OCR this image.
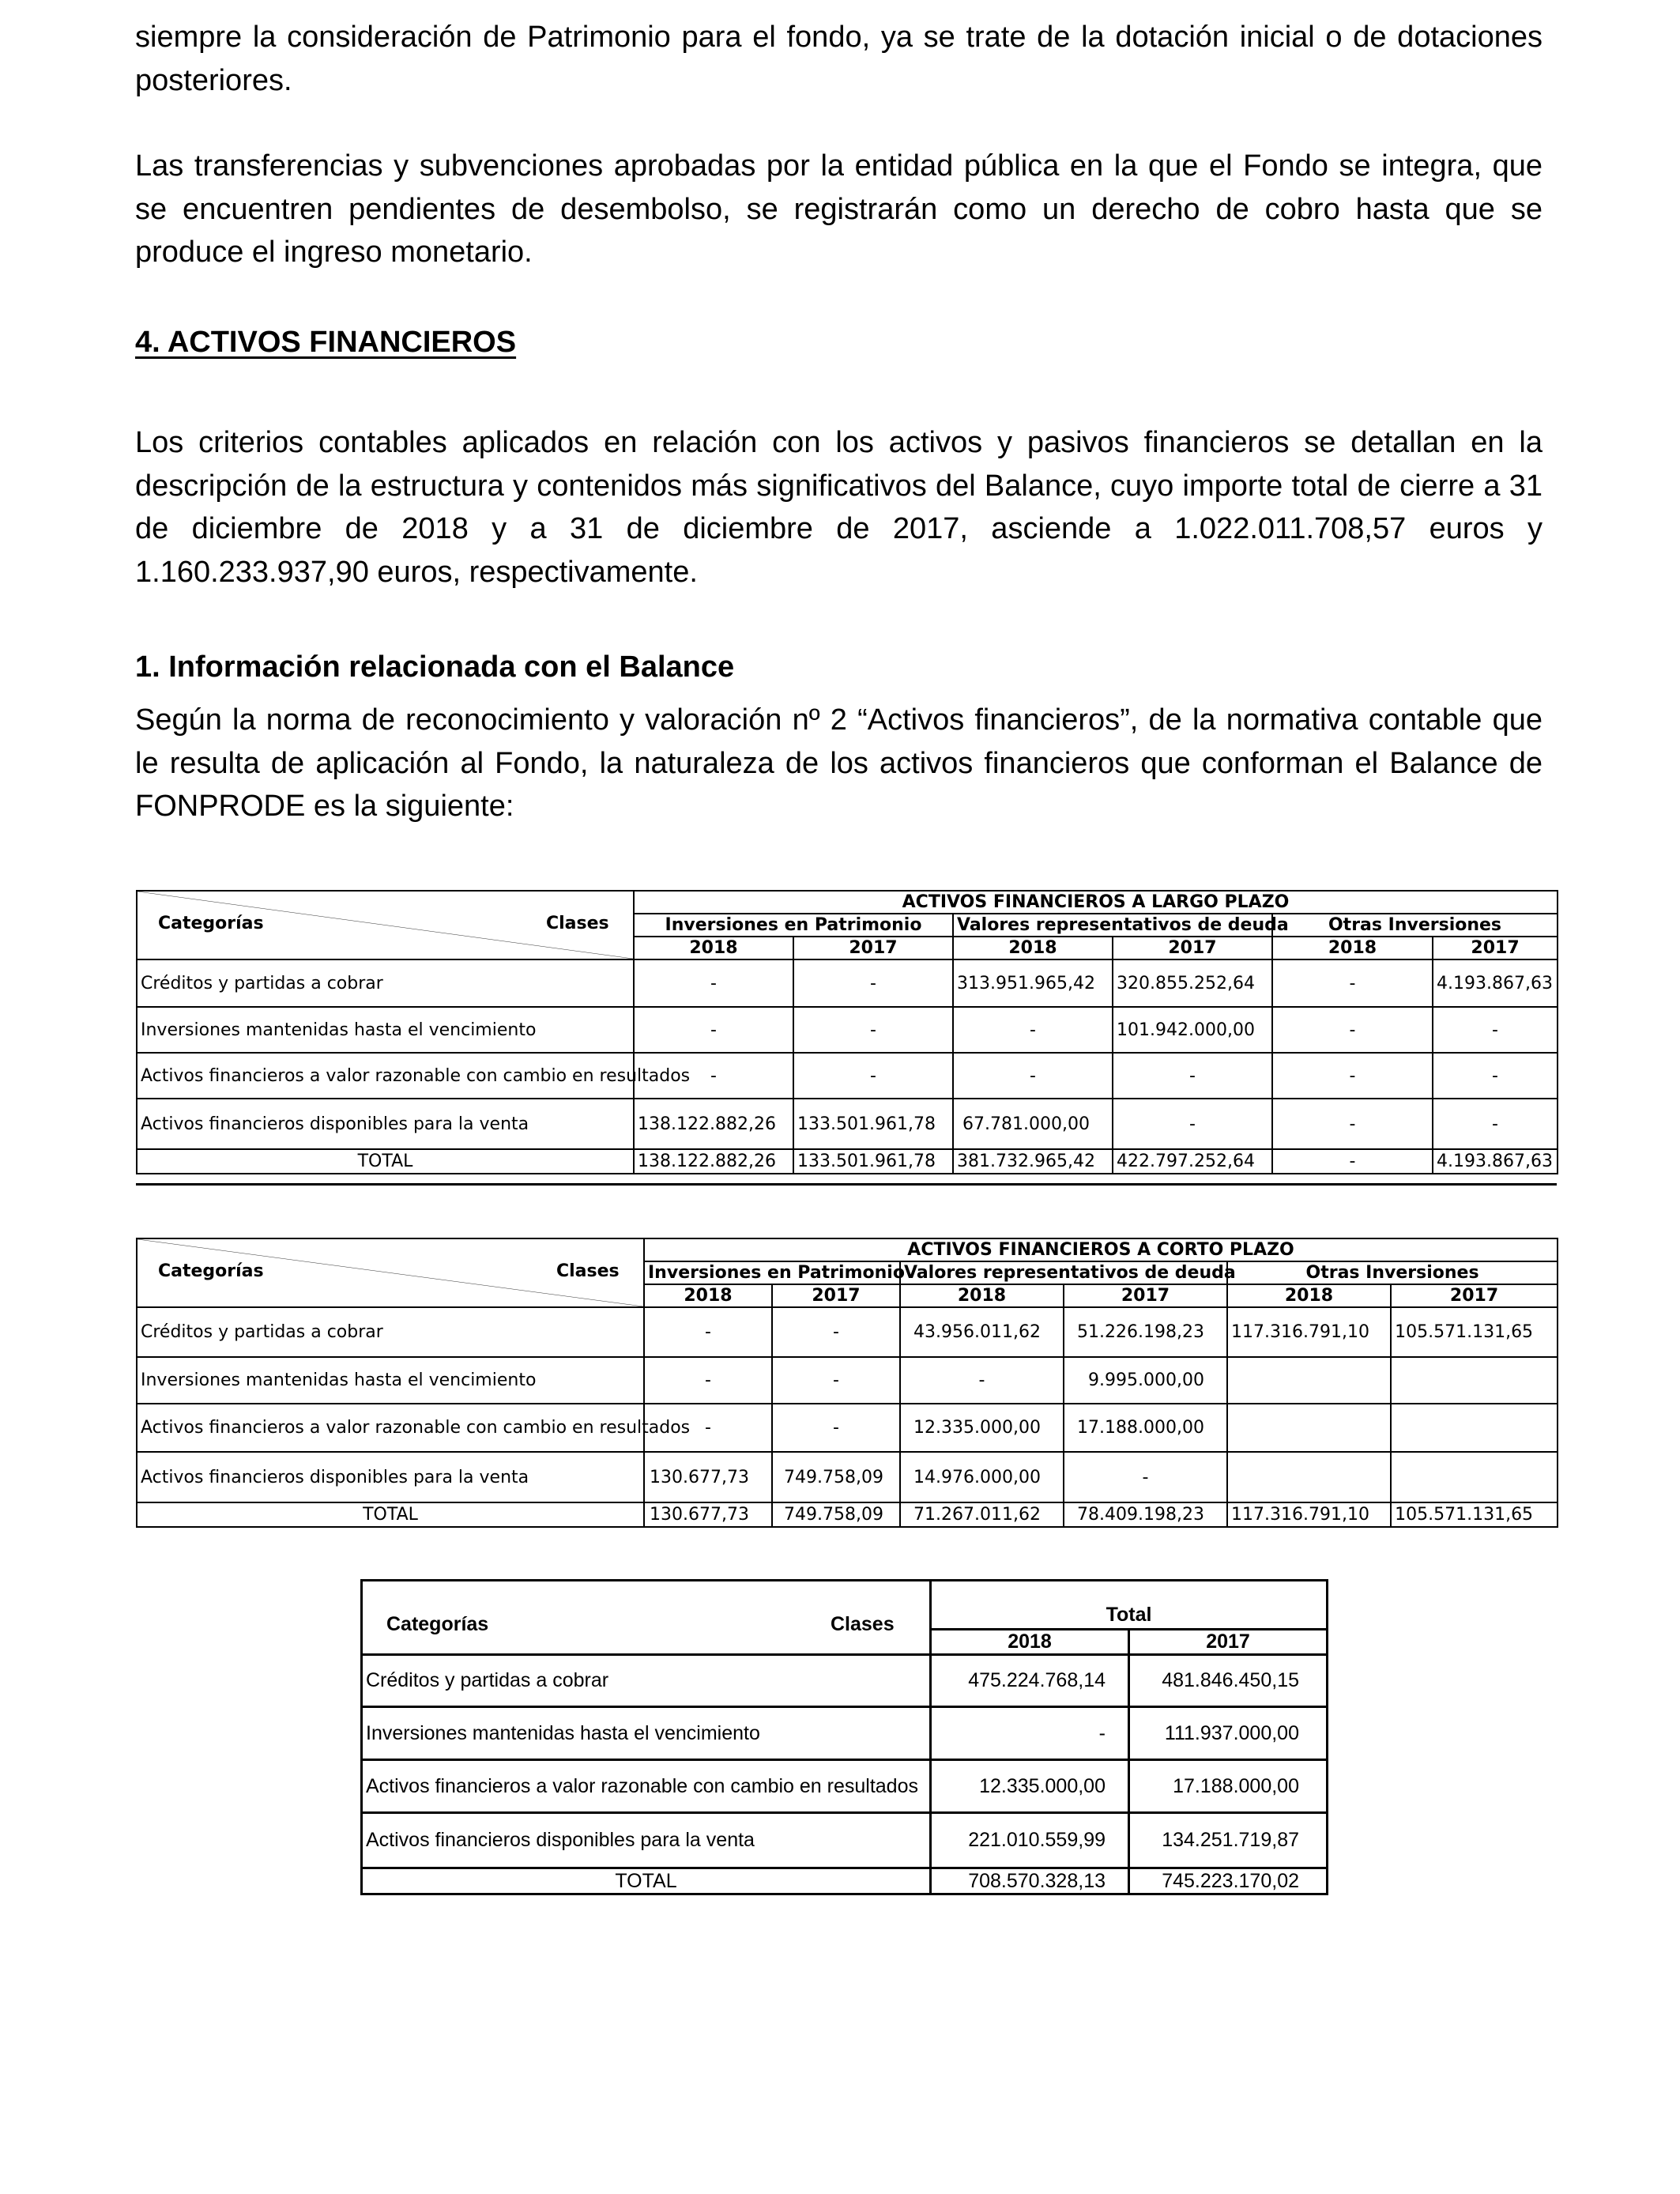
siempre la consideración de Patrimonio para el fondo, ya se trate de la dotación inicial o de dotaciones posteriores.

Las transferencias y subvenciones aprobadas por la entidad pública en la que el Fondo se integra, que se encuentren pendientes de desembolso, se registrarán como un derecho de cobro hasta que se produce el ingreso monetario.

4. ACTIVOS FINANCIEROS

Los criterios contables aplicados en relación con los activos y pasivos financieros se detallan en la descripción de la estructura y contenidos más significativos del Balance, cuyo importe total de cierre a 31 de diciembre de 2018 y a 31 de diciembre de 2017, asciende a 1.022.011.708,57 euros y 1.160.233.937,90 euros, respectivamente.

1. Información relacionada con el Balance

Según la norma de reconocimiento y valoración nº 2 “Activos financieros”, de la normativa contable que le resulta de aplicación al Fondo, la naturaleza de los activos financieros que conforman el Balance de FONPRODE es la siguiente:

Categorías Clases	ACTIVOS FINANCIEROS A LARGO PLAZO					
	Inversiones en Patrimonio		Valores representativos de deuda		Otras Inversiones	
	2018	2017	2018	2017	2018	2017
Créditos y partidas a cobrar	-	-	313.951.965,42	320.855.252,64	-	4.193.867,63
Inversiones mantenidas hasta el vencimiento	-	-	-	101.942.000,00	-	-
Activos financieros a valor razonable con cambio en resultados	-	-	-	-	-	-
Activos financieros disponibles para la venta	138.122.882,26	133.501.961,78	67.781.000,00	-	-	-
TOTAL	138.122.882,26	133.501.961,78	381.732.965,42	422.797.252,64	-	4.193.867,63
Categorías Clases	ACTIVOS FINANCIEROS A CORTO PLAZO					
	Inversiones en Patrimonio		Valores representativos de deuda		Otras Inversiones	
	2018	2017	2018	2017	2018	2017
Créditos y partidas a cobrar	-	-	43.956.011,62	51.226.198,23	117.316.791,10	105.571.131,65
Inversiones mantenidas hasta el vencimiento	-	-	-	9.995.000,00		
Activos financieros a valor razonable con cambio en resultados	-	-	12.335.000,00	17.188.000,00		
Activos financieros disponibles para la venta	130.677,73	749.758,09	14.976.000,00	-		
TOTAL	130.677,73	749.758,09	71.267.011,62	78.409.198,23	117.316.791,10	105.571.131,65
Categorías Clases	Total	
	2018	2017
Créditos y partidas a cobrar	475.224.768,14	481.846.450,15
Inversiones mantenidas hasta el vencimiento	-	111.937.000,00
Activos financieros a valor razonable con cambio en resultados	12.335.000,00	17.188.000,00
Activos financieros disponibles para la venta	221.010.559,99	134.251.719,87
TOTAL	708.570.328,13	745.223.170,02
